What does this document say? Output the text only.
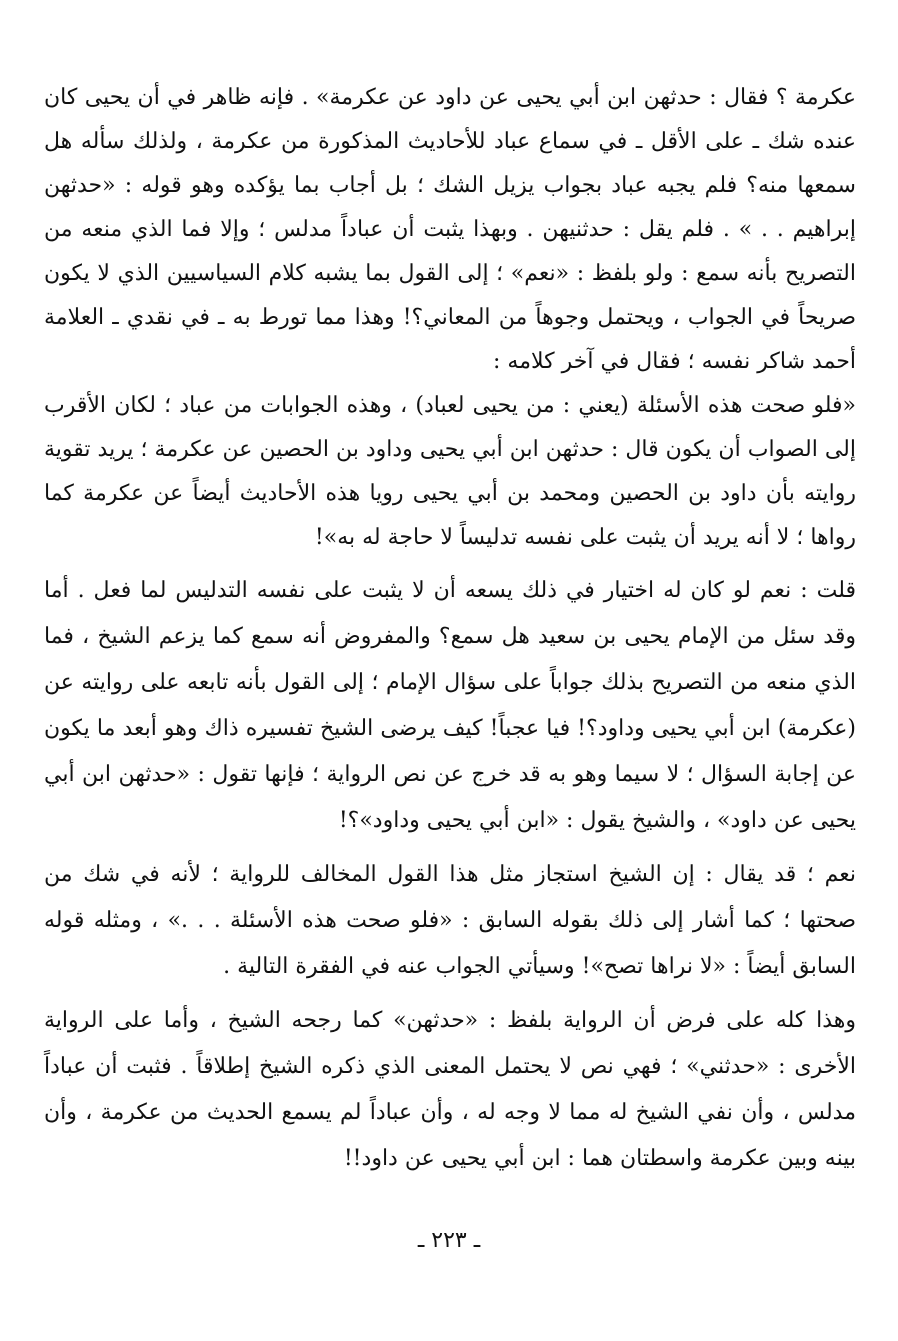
عكرمة ؟ فقال : حدثهن ابن أبي يحيى عن داود عن عكرمة» . فإنه ظاهر في أن يحيى كان عنده شك ـ على الأقل ـ في سماع عباد للأحاديث المذكورة من عكرمة ، ولذلك سأله هل سمعها منه؟ فلم يجبه عباد بجواب يزيل الشك ؛ بل أجاب بما يؤكده وهو قوله : «حدثهن إبراهيم . . » . فلم يقل : حدثنيهن . وبهذا يثبت أن عباداً مدلس ؛ وإلا فما الذي منعه من التصريح بأنه سمع : ولو بلفظ : «نعم» ؛ إلى القول بما يشبه كلام السياسيين الذي لا يكون صريحاً في الجواب ، ويحتمل وجوهاً من المعاني؟! وهذا مما تورط به ـ في نقدي ـ العلامة أحمد شاكر نفسه ؛ فقال في آخر كلامه :

«فلو صحت هذه الأسئلة (يعني : من يحيى لعباد) ، وهذه الجوابات من عباد ؛ لكان الأقرب إلى الصواب أن يكون قال : حدثهن ابن أبي يحيى وداود بن الحصين عن عكرمة ؛ يريد تقوية روايته بأن داود بن الحصين ومحمد بن أبي يحيى رويا هذه الأحاديث أيضاً عن عكرمة كما رواها ؛ لا أنه يريد أن يثبت على نفسه تدليساً لا حاجة له به»!

قلت : نعم لو كان له اختيار في ذلك يسعه أن لا يثبت على نفسه التدليس لما فعل . أما وقد سئل من الإمام يحيى بن سعيد هل سمع؟ والمفروض أنه سمع كما يزعم الشيخ ، فما الذي منعه من التصريح بذلك جواباً على سؤال الإمام ؛ إلى القول بأنه تابعه على روايته عن (عكرمة) ابن أبي يحيى وداود؟! فيا عجباً! كيف يرضى الشيخ تفسيره ذاك وهو أبعد ما يكون عن إجابة السؤال ؛ لا سيما وهو به قد خرج عن نص الرواية ؛ فإنها تقول : «حدثهن ابن أبي يحيى عن داود» ، والشيخ يقول : «ابن أبي يحيى وداود»؟!

نعم ؛ قد يقال : إن الشيخ استجاز مثل هذا القول المخالف للرواية ؛ لأنه في شك من صحتها ؛ كما أشار إلى ذلك بقوله السابق : «فلو صحت هذه الأسئلة . . .» ، ومثله قوله السابق أيضاً : «لا نراها تصح»! وسيأتي الجواب عنه في الفقرة التالية .

وهذا كله على فرض أن الرواية بلفظ : «حدثهن» كما رجحه الشيخ ، وأما على الرواية الأخرى : «حدثني» ؛ فهي نص لا يحتمل المعنى الذي ذكره الشيخ إطلاقاً . فثبت أن عباداً مدلس ، وأن نفي الشيخ له مما لا وجه له ، وأن عباداً لم يسمع الحديث من عكرمة ، وأن بينه وبين عكرمة واسطتان هما : ابن أبي يحيى عن داود!!

ـ ٢٢٣ ـ
